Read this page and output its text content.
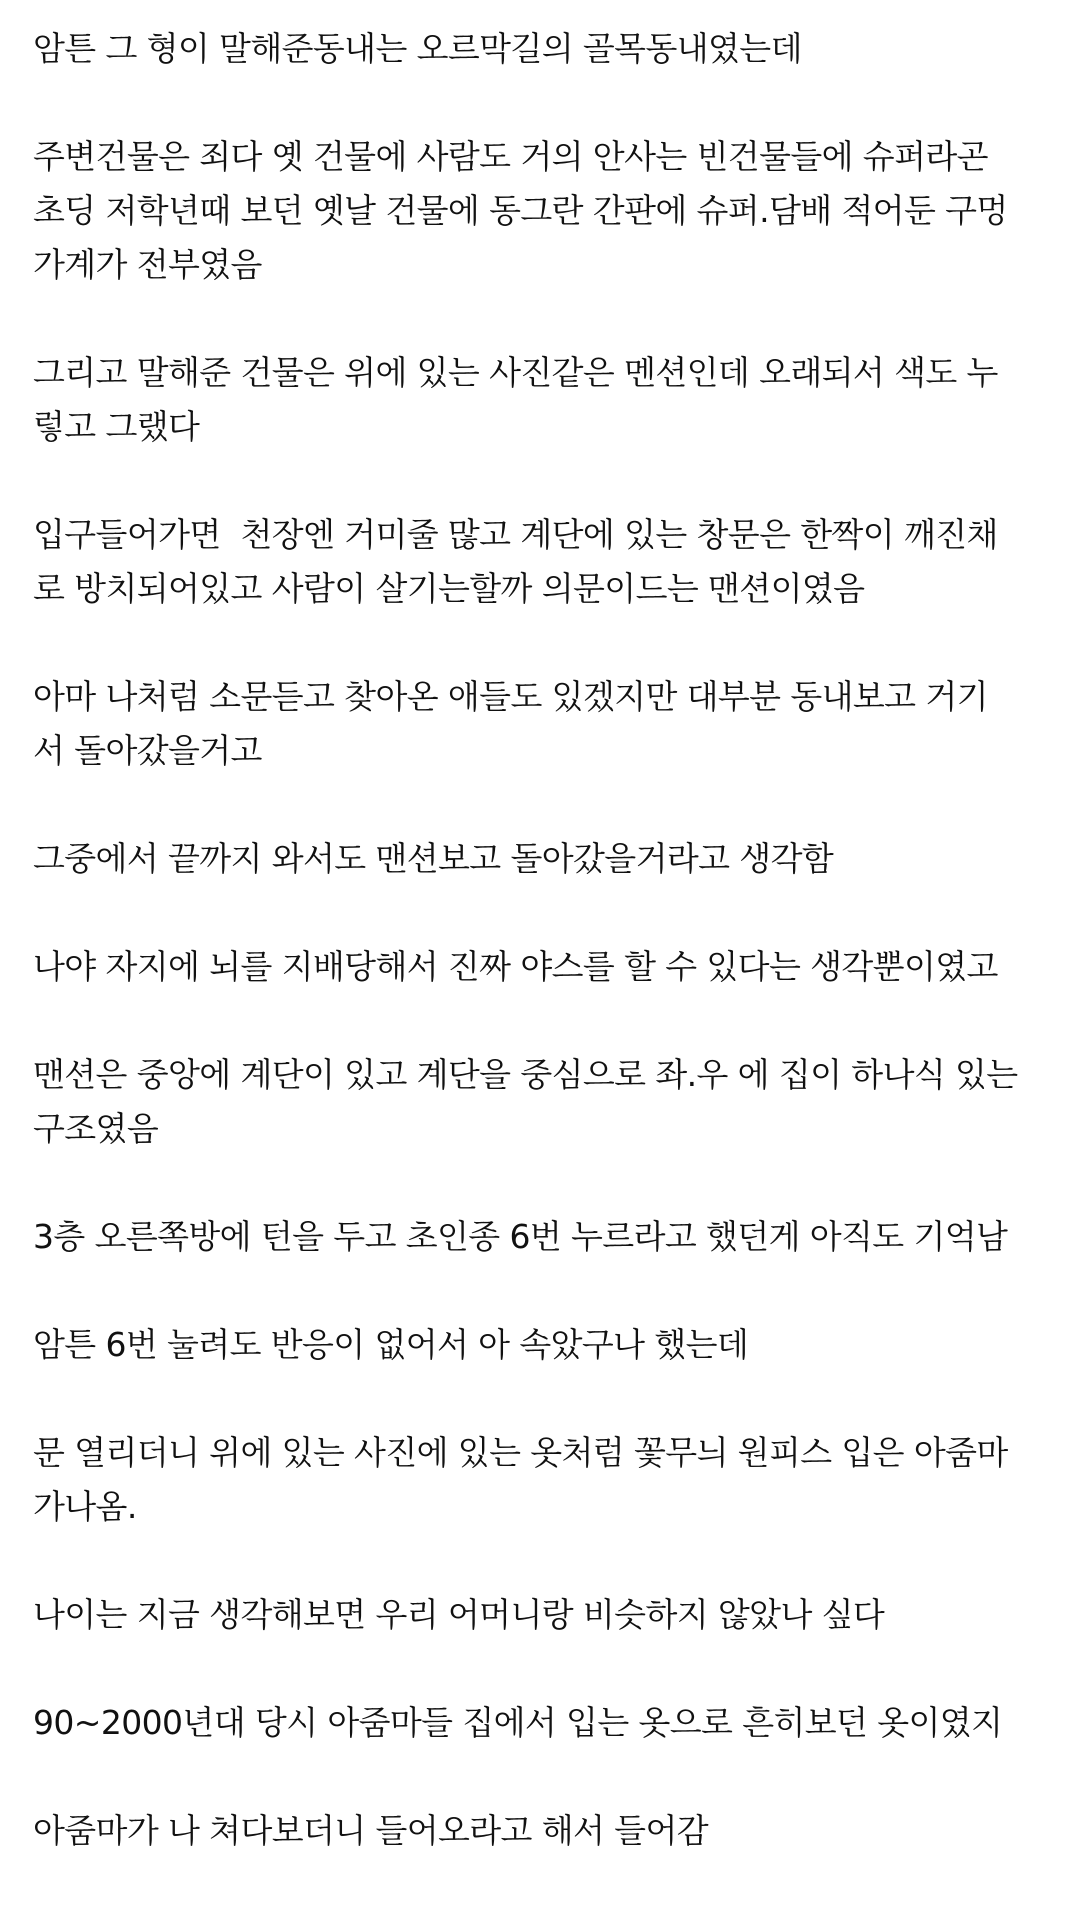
암튼 그 형이 말해준동내는 오르막길의 골목동내였는데

주변건물은 죄다 옛 건물에 사람도 거의 안사는 빈건물들에 슈퍼라곤
초딩 저학년때 보던 옛날 건물에 동그란 간판에 슈퍼.담배 적어둔 구멍
가계가 전부였음

그리고 말해준 건물은 위에 있는 사진같은 멘션인데 오래되서 색도 누
렇고 그랬다

입구들어가면  천장엔 거미줄 많고 계단에 있는 창문은 한짝이 깨진채
로 방치되어있고 사람이 살기는할까 의문이드는 맨션이였음

아마 나처럼 소문듣고 찾아온 애들도 있겠지만 대부분 동내보고 거기
서 돌아갔을거고

그중에서 끝까지 와서도 맨션보고 돌아갔을거라고 생각함

나야 자지에 뇌를 지배당해서 진짜 야스를 할 수 있다는 생각뿐이였고

맨션은 중앙에 계단이 있고 계단을 중심으로 좌.우 에 집이 하나식 있는
구조였음

3층 오른쪽방에 턴을 두고 초인종 6번 누르라고 했던게 아직도 기억남

암튼 6번 눌려도 반응이 없어서 아 속았구나 했는데

문 열리더니 위에 있는 사진에 있는 옷처럼 꽃무늬 원피스 입은 아줌마
가나옴.

나이는 지금 생각해보면 우리 어머니랑 비슷하지 않았나 싶다

90~2000년대 당시 아줌마들 집에서 입는 옷으로 흔히보던 옷이였지

아줌마가 나 쳐다보더니 들어오라고 해서 들어감
